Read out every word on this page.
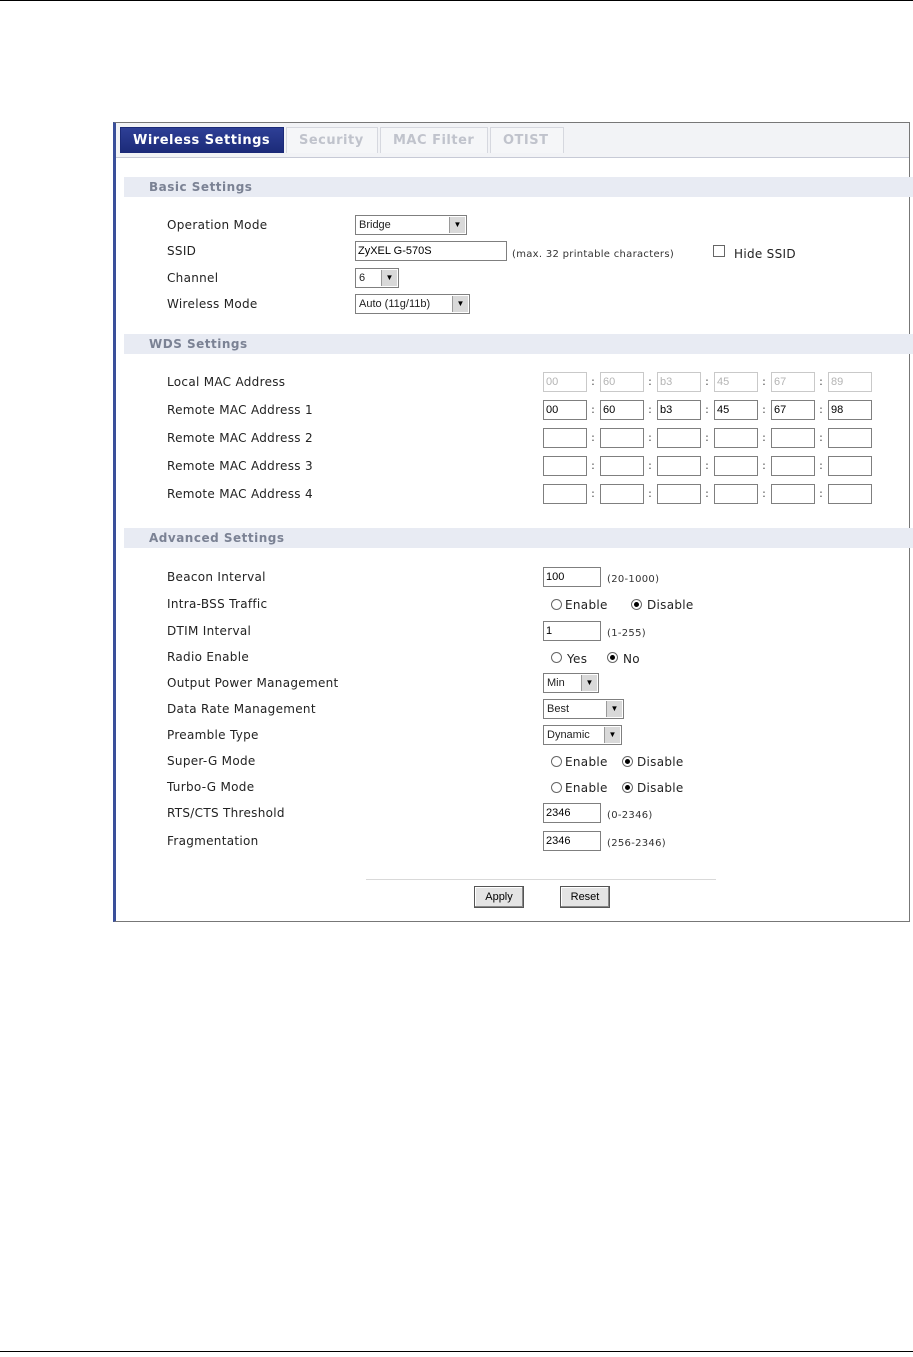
Wireless Settings	Security	MAC Filter	OTIST
Basic Settings
Operation Mode	Bridge	▼
SSID	ZyXEL G-570S	(max. 32 printable characters)	Hide SSID
Channel	6	▼
Wireless Mode	Auto (11g/11b)	▼
WDS Settings
Local MAC Address	00	: 60	: b3	: 45	: 67	: 89
Remote MAC Address 1	00	: 60	: b3	: 45	: 67	: 98
Remote MAC Address 2	:	:	:	:	:
Remote MAC Address 3	:	:	:	:	:
Remote MAC Address 4	:	:	:	:	:
Advanced Settings
Beacon Interval	100	(20-1000)
Intra-BSS Traffic	Enable	Disable
DTIM Interval	1	(1-255)
Radio Enable	Yes	No
Output Power Management	Min	▼
Data Rate Management	Best	▼
Preamble Type	Dynamic	▼
Super-G Mode	Enable Disable
Turbo-G Mode	Enable Disable
RTS/CTS Threshold	2346	(0-2346)
Fragmentation	2346	(256-2346)
Apply	Reset
